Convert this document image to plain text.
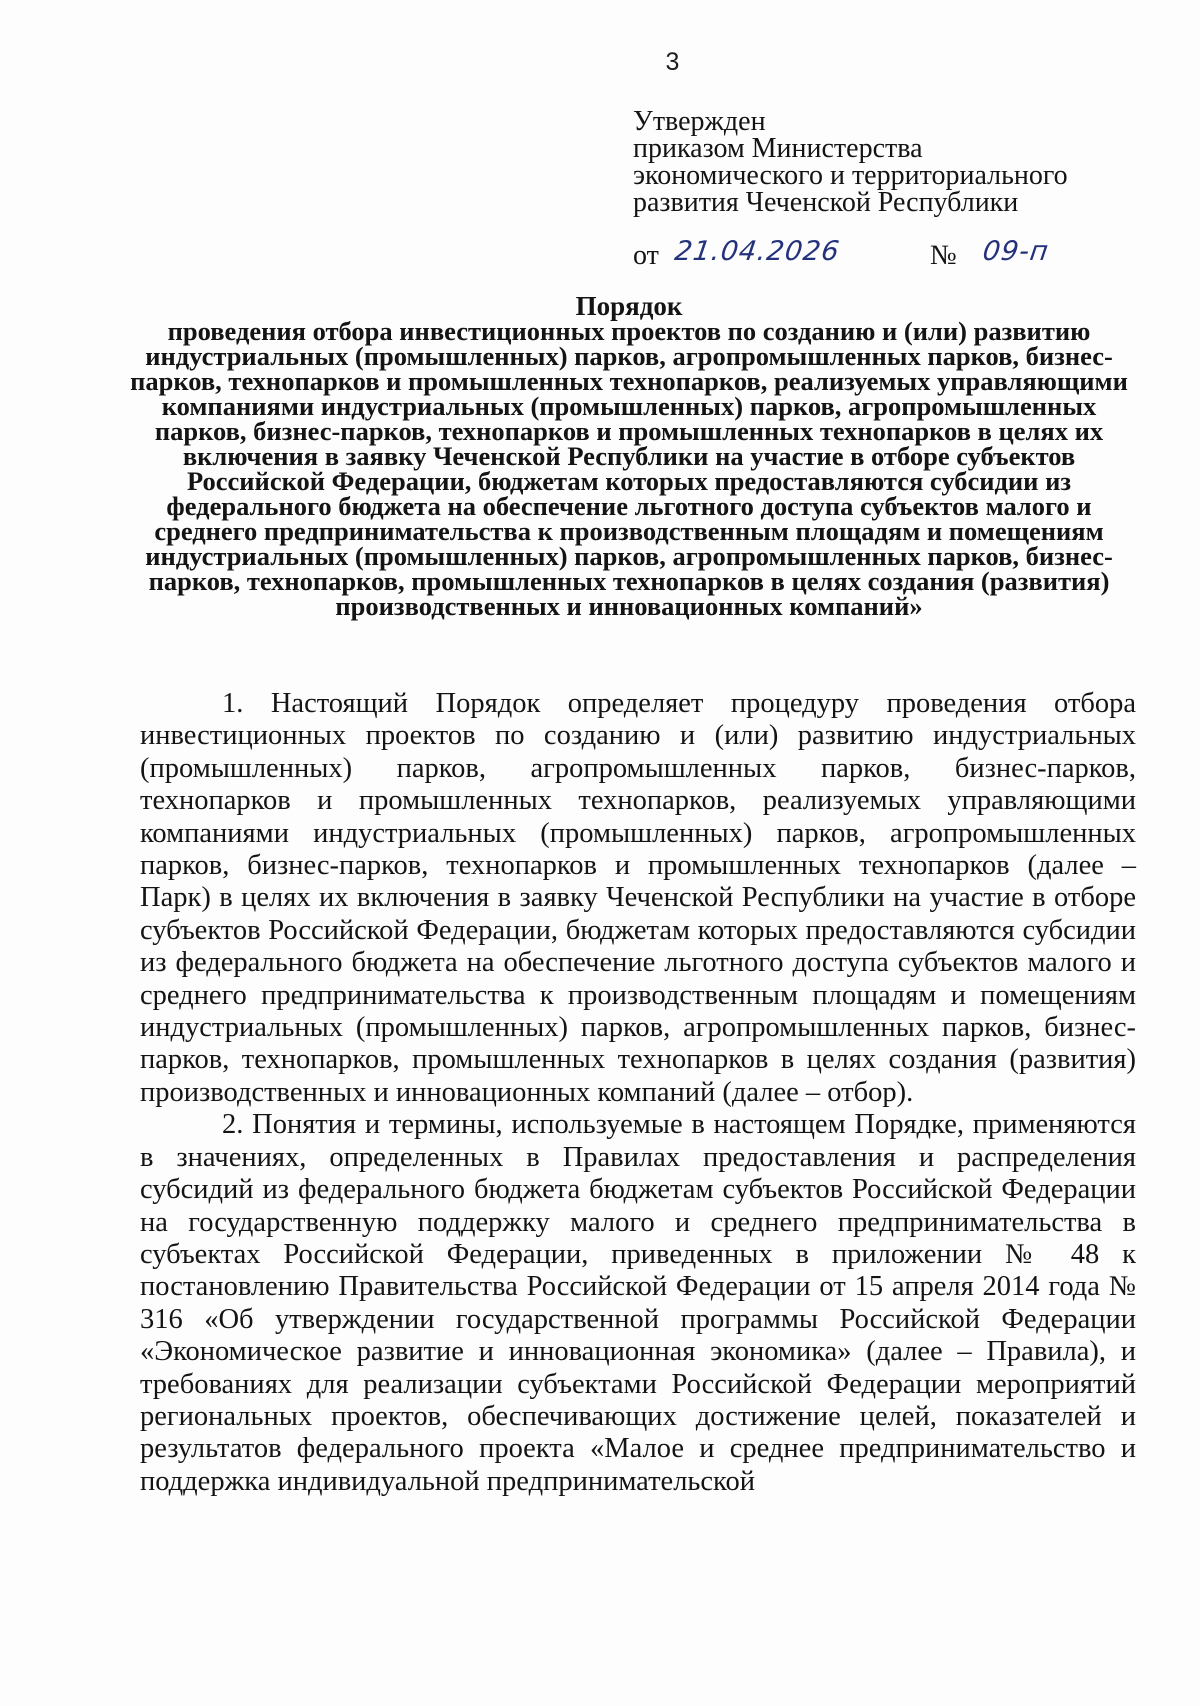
3
Утвержден
приказом Министерства
экономического и территориального
развития Чеченской Республики
от 21.04.2026	№ 09-п
Порядок
проведения отбора инвестиционных проектов по созданию и (или) развитию индустриальных (промышленных) парков, агропромышленных парков, бизнес-парков, технопарков и промышленных технопарков, реализуемых управляющими компаниями индустриальных (промышленных) парков, агропромышленных парков, бизнес-парков, технопарков и промышленных технопарков в целях их включения в заявку Чеченской Республики на участие в отборе субъектов Российской Федерации, бюджетам которых предоставляются субсидии из федерального бюджета на обеспечение льготного доступа субъектов малого и среднего предпринимательства к производственным площадям и помещениям индустриальных (промышленных) парков, агропромышленных парков, бизнес-парков, технопарков, промышленных технопарков в целях создания (развития) производственных и инновационных компаний»

1. Настоящий Порядок определяет процедуру проведения отбора инвестиционных проектов по созданию и (или) развитию индустриальных (промышленных) парков, агропромышленных парков, бизнес-парков, технопарков и промышленных технопарков, реализуемых управляющими компаниями индустриальных (промышленных) парков, агропромышленных парков, бизнес-парков, технопарков и промышленных технопарков (далее – Парк) в целях их включения в заявку Чеченской Республики на участие в отборе субъектов Российской Федерации, бюджетам которых предоставляются субсидии из федерального бюджета на обеспечение льготного доступа субъектов малого и среднего предпринимательства к производственным площадям и помещениям индустриальных (промышленных) парков, агропромышленных парков, бизнес-парков, технопарков, промышленных технопарков в целях создания (развития) производственных и инновационных компаний (далее – отбор).

2. Понятия и термины, используемые в настоящем Порядке, применяются в значениях, определенных в Правилах предоставления и распределения субсидий из федерального бюджета бюджетам субъектов Российской Федерации на государственную поддержку малого и среднего предпринимательства в субъектах Российской Федерации, приведенных в приложении № 48 к постановлению Правительства Российской Федерации от 15 апреля 2014 года № 316 «Об утверждении государственной программы Российской Федерации «Экономическое развитие и инновационная экономика» (далее – Правила), и требованиях для реализации субъектами Российской Федерации мероприятий региональных проектов, обеспечивающих достижение целей, показателей и результатов федерального проекта «Малое и среднее предпринимательство и поддержка индивидуальной предпринимательской
